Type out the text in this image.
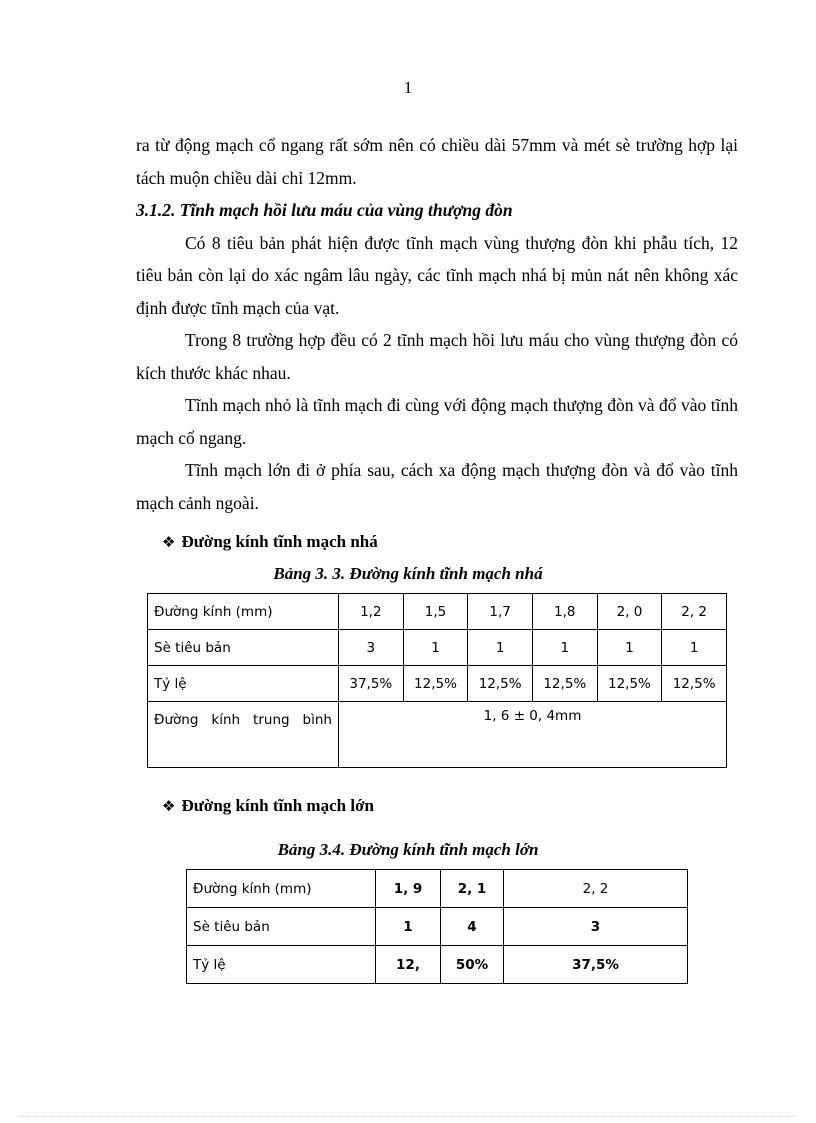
1

ra từ động mạch cổ ngang rất sớm nên có chiều dài 57mm và mét sè trường hợp lại tách muộn chiều dài chỉ 12mm.

3.1.2. Tĩnh mạch hồi lưu máu của vùng thượng đòn

Có 8 tiêu bản phát hiện được tĩnh mạch vùng thượng đòn khi phẫu tích, 12 tiêu bản còn lại do xác ngâm lâu ngày, các tĩnh mạch nhá bị mủn nát nên không xác định được tĩnh mạch của vạt.

Trong 8 trường hợp đều có 2 tĩnh mạch hồi lưu máu cho vùng thượng đòn có kích thước khác nhau.

Tĩnh mạch nhỏ là tĩnh mạch đi cùng với động mạch thượng đòn và đổ vào tĩnh mạch cổ ngang.

Tĩnh mạch lớn đi ở phía sau, cách xa động mạch thượng đòn và đổ vào tĩnh mạch cảnh ngoài.

❖ Đường kính tĩnh mạch nhá
Bảng 3. 3. Đường kính tĩnh mạch nhá
Đường kính (mm)	1,2	1,5	1,7	1,8	2, 0	2, 2
Sè tiêu bản	3	1	1	1	1	1
Tỷ lệ	37,5%	12,5%	12,5%	12,5%	12,5%	12,5%
Đường kính trung bình	1, 6 ± 0, 4mm					
❖ Đường kính tĩnh mạch lớn
Bảng 3.4. Đường kính tĩnh mạch lớn
Đường kính (mm)	1, 9	2, 1	2, 2
Sè tiêu bản	1	4	3
Tỷ lệ	12,	50%	37,5%
